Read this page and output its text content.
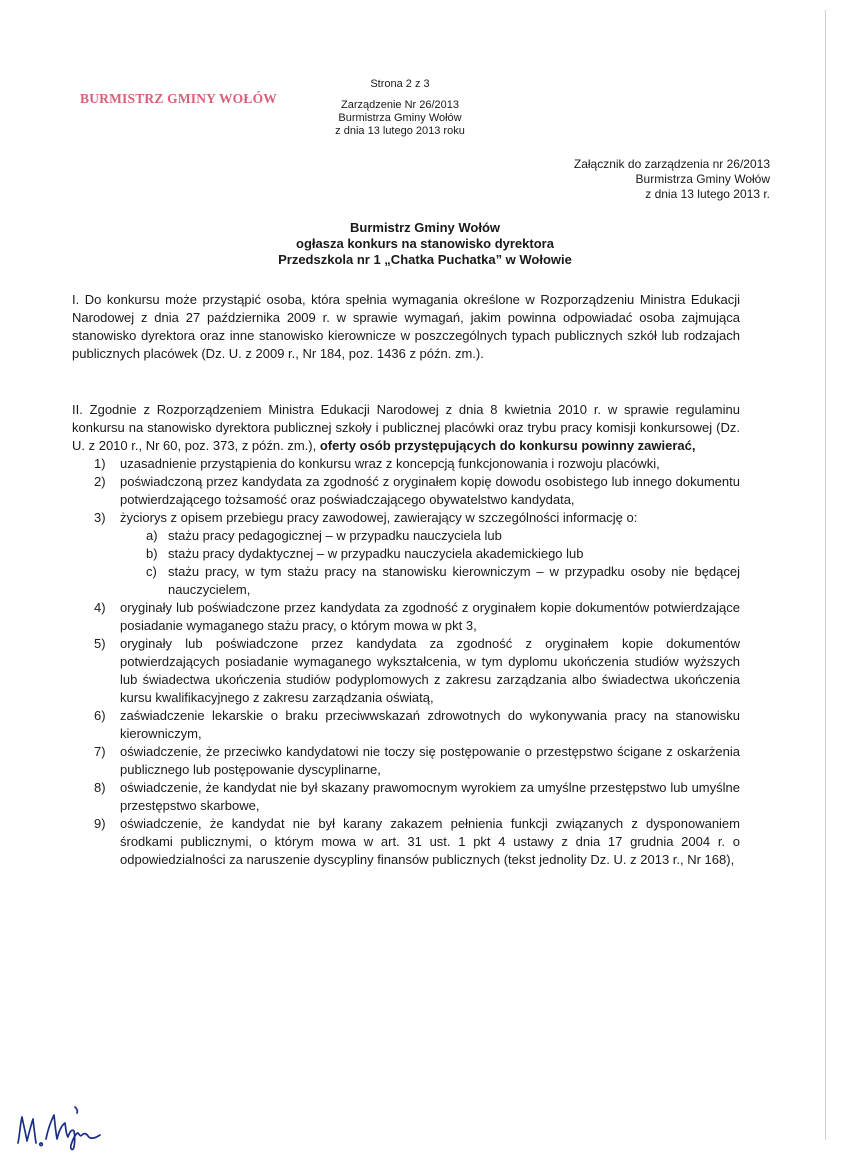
BURMISTRZ GMINY WOŁÓW
Strona 2 z 3
Zarządzenie Nr 26/2013
Burmistrza Gminy Wołów
z dnia 13 lutego 2013 roku
Załącznik do zarządzenia nr 26/2013
Burmistrza Gminy Wołów
z dnia 13 lutego 2013 r.
Burmistrz Gminy Wołów
ogłasza konkurs na stanowisko dyrektora
Przedszkola nr 1 „Chatka Puchatka” w Wołowie
I. Do konkursu może przystąpić osoba, która spełnia wymagania określone w Rozporządzeniu Ministra Edukacji Narodowej z dnia 27 października 2009 r. w sprawie wymagań, jakim powinna odpowiadać osoba zajmująca stanowisko dyrektora oraz inne stanowisko kierownicze w poszczególnych typach publicznych szkół lub rodzajach publicznych placówek (Dz. U. z 2009 r., Nr 184, poz. 1436 z późn. zm.).

II. Zgodnie z Rozporządzeniem Ministra Edukacji Narodowej z dnia 8 kwietnia 2010 r. w sprawie regulaminu konkursu na stanowisko dyrektora publicznej szkoły i publicznej placówki oraz trybu pracy komisji konkursowej (Dz. U. z 2010 r., Nr 60, poz. 373, z późn. zm.), oferty osób przystępujących do konkursu powinny zawierać,

1) uzasadnienie przystąpienia do konkursu wraz z koncepcją funkcjonowania i rozwoju placówki,
2) poświadczoną przez kandydata za zgodność z oryginałem kopię dowodu osobistego lub innego dokumentu potwierdzającego tożsamość oraz poświadczającego obywatelstwo kandydata,
3) życiorys z opisem przebiegu pracy zawodowej, zawierający w szczególności informację o:
a) stażu pracy pedagogicznej – w przypadku nauczyciela lub
b) stażu pracy dydaktycznej – w przypadku nauczyciela akademickiego lub
c) stażu pracy, w tym stażu pracy na stanowisku kierowniczym – w przypadku osoby nie będącej nauczycielem,
4) oryginały lub poświadczone przez kandydata za zgodność z oryginałem kopie dokumentów potwierdzające posiadanie wymaganego stażu pracy, o którym mowa w pkt 3,
5) oryginały lub poświadczone przez kandydata za zgodność z oryginałem kopie dokumentów potwierdzających posiadanie wymaganego wykształcenia, w tym dyplomu ukończenia studiów wyższych lub świadectwa ukończenia studiów podyplomowych z zakresu zarządzania albo świadectwa ukończenia kursu kwalifikacyjnego z zakresu zarządzania oświatą,
6) zaświadczenie lekarskie o braku przeciwwskazań zdrowotnych do wykonywania pracy na stanowisku kierowniczym,
7) oświadczenie, że przeciwko kandydatowi nie toczy się postępowanie o przestępstwo ścigane z oskarżenia publicznego lub postępowanie dyscyplinarne,
8) oświadczenie, że kandydat nie był skazany prawomocnym wyrokiem za umyślne przestępstwo lub umyślne przestępstwo skarbowe,
9) oświadczenie, że kandydat nie był karany zakazem pełnienia funkcji związanych z dysponowaniem środkami publicznymi, o którym mowa w art. 31 ust. 1 pkt 4 ustawy z dnia 17 grudnia 2004 r. o odpowiedzialności za naruszenie dyscypliny finansów publicznych (tekst jednolity Dz. U. z 2013 r., Nr 168),
